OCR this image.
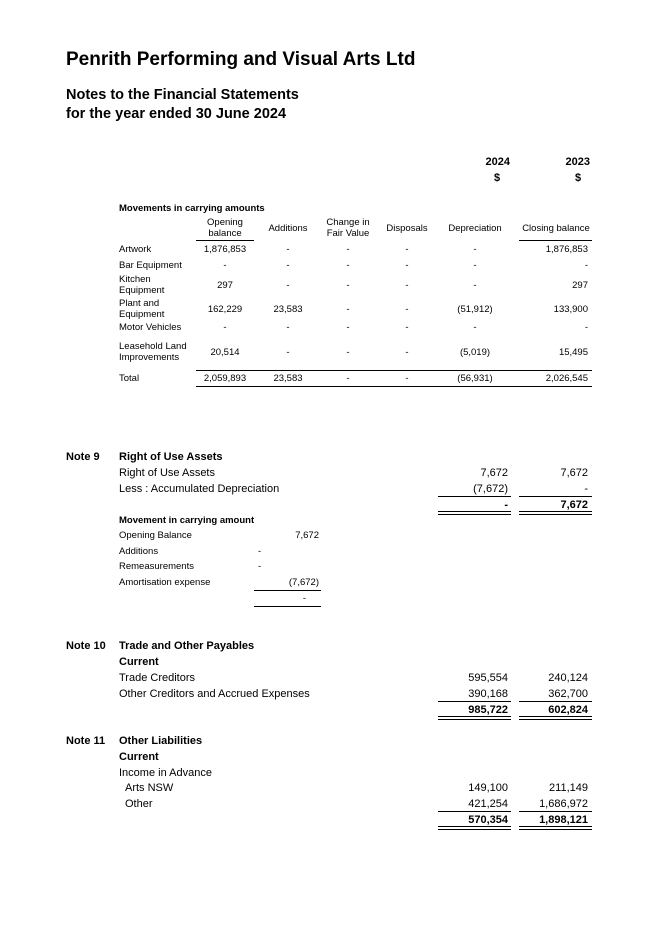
Penrith Performing and Visual Arts Ltd
Notes to the Financial Statements
for the year ended 30 June 2024
2024	2023
$	$
Movements in carrying amounts
Opening
balance	Additions
Change in
Fair Value	Disposals	Depreciation	Closing balance
Artwork	1,876,853	-	-	-	-	1,876,853
Bar Equipment	-	-	-	-	-	-
Kitchen
Equipment	297	-	-	-	-	297
Plant and
Equipment	162,229	23,583	-	-	(51,912)	133,900
Motor Vehicles	-	-	-	-	-	-
Leasehold Land
Improvements	20,514	-	-	-	(5,019)	15,495
Total	2,059,893	23,583	-	-	(56,931)	2,026,545
Note 9 Right of Use Assets
Right of Use Assets	7,672	7,672
Less : Accumulated Depreciation	(7,672)	-
-	7,672
Movement in carrying amount
Opening Balance	7,672
Additions	-
Remeasurements	-
Amortisation expense	(7,672)
-
Note 10 Trade and Other Payables
Current
Trade Creditors	595,554	240,124
Other Creditors and Accrued Expenses	390,168	362,700
985,722	602,824
Note 11 Other Liabilities
Current
Income in Advance
Arts NSW	149,100	211,149
Other	421,254	1,686,972
570,354	1,898,121
